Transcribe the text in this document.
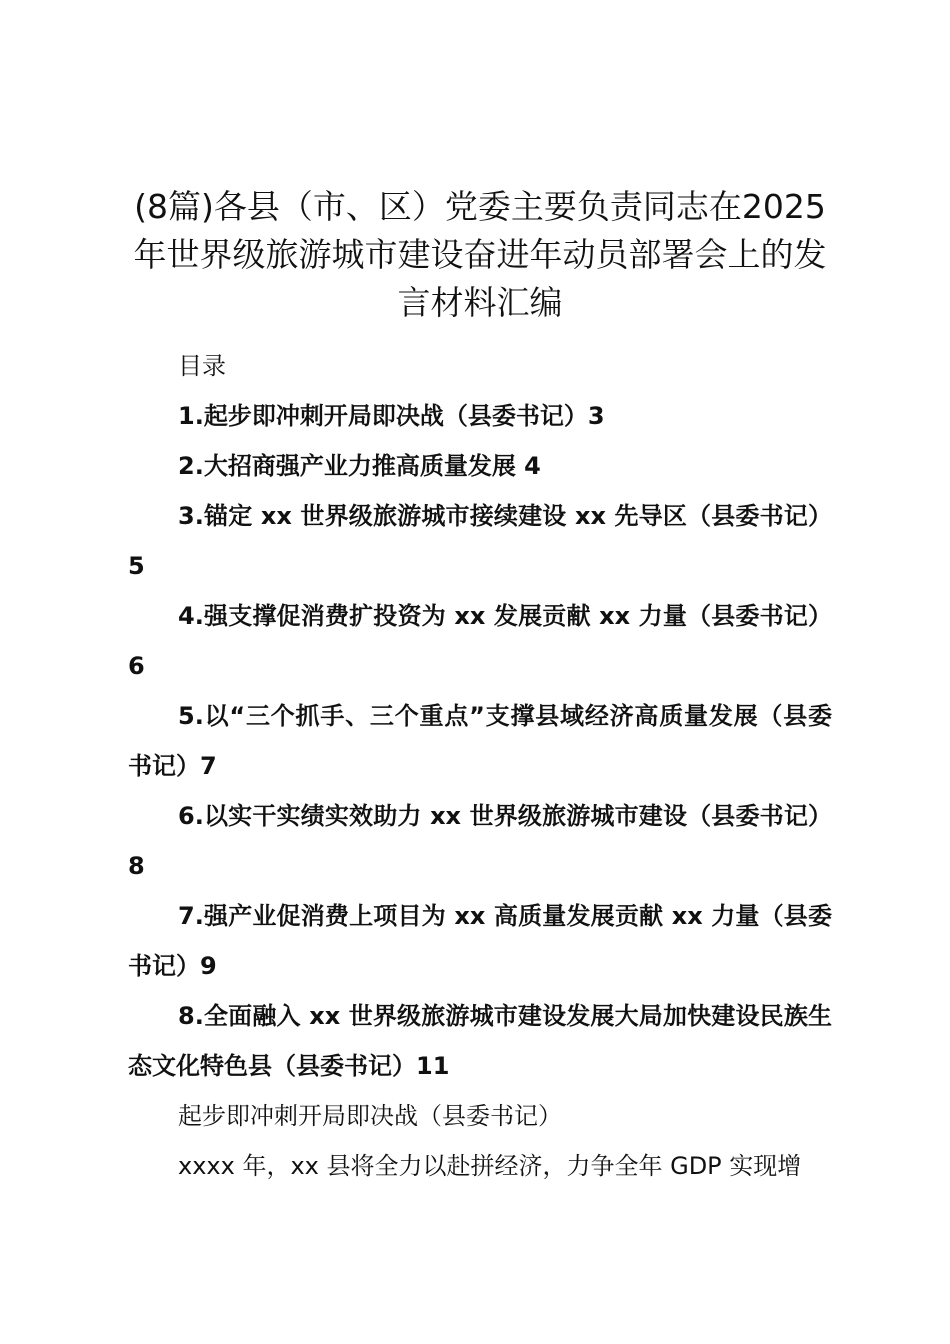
(8篇)各县（市、区）党委主要负责同志在2025年世界级旅游城市建设奋进年动员部署会上的发言材料汇编

目录

1.起步即冲刺开局即决战（县委书记）3
2.大招商强产业力推高质量发展 4
3.锚定 xx 世界级旅游城市接续建设 xx 先导区（县委书记）5
4.强支撑促消费扩投资为 xx 发展贡献 xx 力量（县委书记）6
5.以“三个抓手、三个重点”支撑县域经济高质量发展（县委书记）7
6.以实干实绩实效助力 xx 世界级旅游城市建设（县委书记）8
7.强产业促消费上项目为 xx 高质量发展贡献 xx 力量（县委书记）9
8.全面融入 xx 世界级旅游城市建设发展大局加快建设民族生态文化特色县（县委书记）11

起步即冲刺开局即决战（县委书记）

xxxx 年，xx 县将全力以赴拼经济，力争全年 GDP 实现增
